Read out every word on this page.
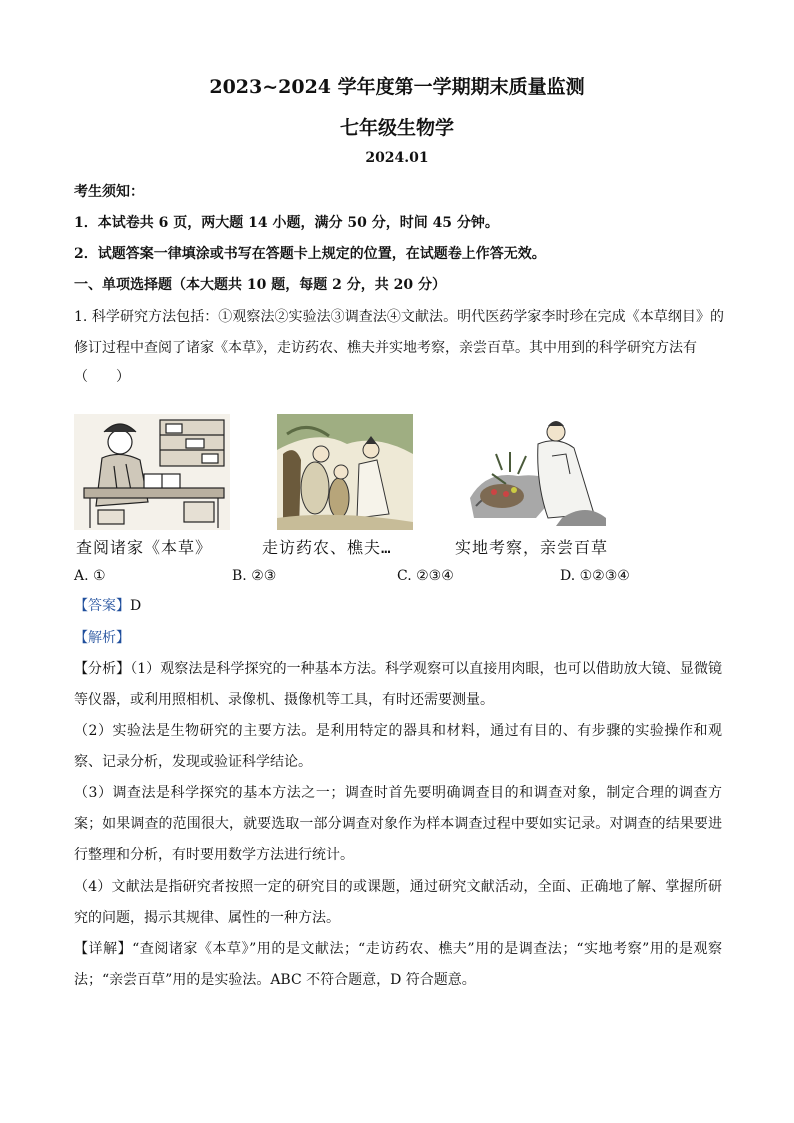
2023~2024 学年度第一学期期末质量监测
七年级生物学
2024.01
考生须知：
1．本试卷共 6 页，两大题 14 小题，满分 50 分，时间 45 分钟。
2．试题答案一律填涂或书写在答题卡上规定的位置，在试题卷上作答无效。
一、单项选择题（本大题共 10 题，每题 2 分，共 20 分）
1. 科学研究方法包括：①观察法②实验法③调查法④文献法。明代医药学家李时珍在完成《本草纲目》的修订过程中查阅了诸家《本草》，走访药农、樵夫并实地考察，亲尝百草。其中用到的科学研究方法有
（　　）
查阅诸家《本草》	走访药农、樵夫…	实地考察，亲尝百草
A. ①	B. ②③	C. ②③④	D. ①②③④
【答案】D
【解析】
【分析】（1）观察法是科学探究的一种基本方法。科学观察可以直接用肉眼，也可以借助放大镜、显微镜等仪器，或利用照相机、录像机、摄像机等工具，有时还需要测量。
（2）实验法是生物研究的主要方法。是利用特定的器具和材料，通过有目的、有步骤的实验操作和观察、记录分析，发现或验证科学结论。
（3）调查法是科学探究的基本方法之一；调查时首先要明确调查目的和调查对象，制定合理的调查方案；如果调查的范围很大，就要选取一部分调查对象作为样本调查过程中要如实记录。对调查的结果要进行整理和分析，有时要用数学方法进行统计。
（4）文献法是指研究者按照一定的研究目的或课题，通过研究文献活动，全面、正确地了解、掌握所研究的问题，揭示其规律、属性的一种方法。
【详解】“查阅诸家《本草》”用的是文献法；“走访药农、樵夫”用的是调查法；“实地考察”用的是观察法；“亲尝百草”用的是实验法。ABC 不符合题意，D 符合题意。
